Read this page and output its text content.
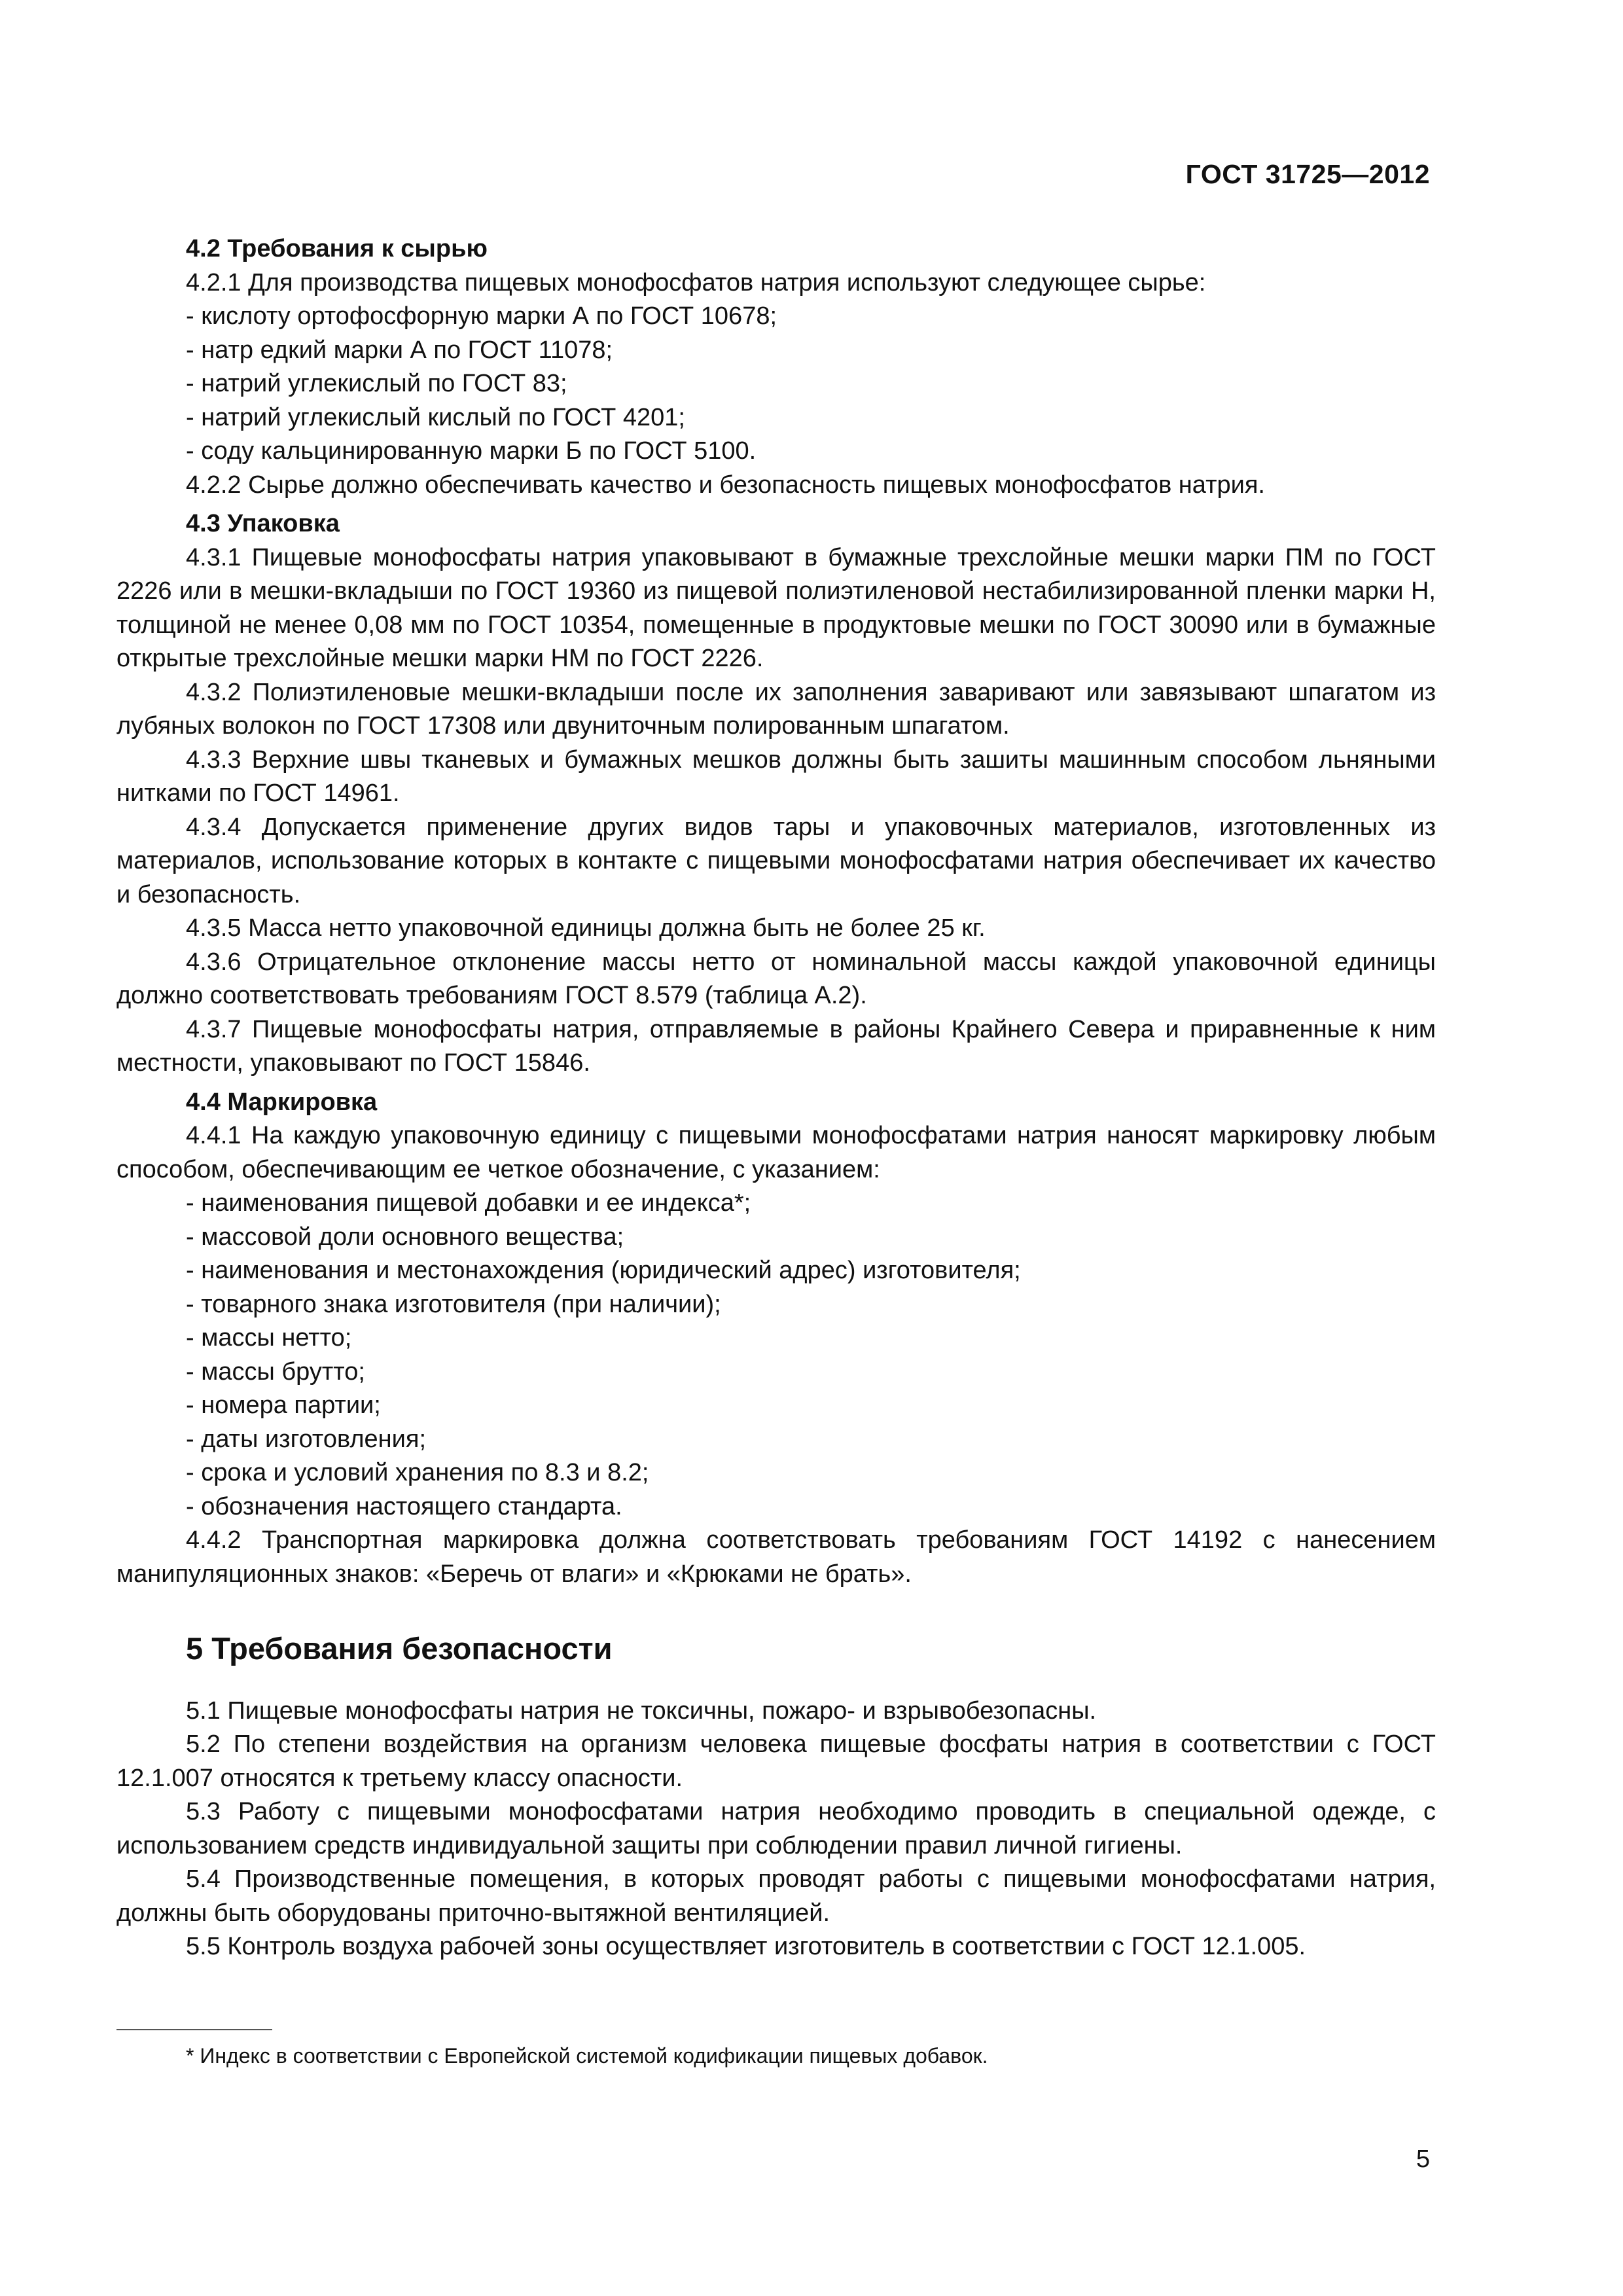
ГОСТ 31725—2012

4.2 Требования к сырью

4.2.1 Для производства пищевых монофосфатов натрия используют следующее сырье:

- кислоту ортофосфорную марки А по ГОСТ 10678;

- натр едкий марки А по ГОСТ 11078;

- натрий углекислый по ГОСТ 83;

- натрий углекислый кислый по ГОСТ 4201;

- соду кальцинированную марки Б по ГОСТ 5100.

4.2.2 Сырье должно обеспечивать качество и безопасность пищевых монофосфатов натрия.

4.3 Упаковка

4.3.1 Пищевые монофосфаты натрия упаковывают в бумажные трехслойные мешки марки ПМ по ГОСТ 2226 или в мешки-вкладыши по ГОСТ 19360 из пищевой полиэтиленовой нестабилизированной пленки марки Н, толщиной не менее 0,08 мм по ГОСТ 10354, помещенные в продуктовые мешки по ГОСТ 30090 или в бумажные открытые трехслойные мешки марки НМ по ГОСТ 2226.

4.3.2 Полиэтиленовые мешки-вкладыши после их заполнения заваривают или завязывают шпагатом из лубяных волокон по ГОСТ 17308 или двуниточным полированным шпагатом.

4.3.3 Верхние швы тканевых и бумажных мешков должны быть зашиты машинным способом льняными нитками по ГОСТ 14961.

4.3.4 Допускается применение других видов тары и упаковочных материалов, изготовленных из материалов, использование которых в контакте с пищевыми монофосфатами натрия обеспечивает их качество и безопасность.

4.3.5 Масса нетто упаковочной единицы должна быть не более 25 кг.

4.3.6 Отрицательное отклонение массы нетто от номинальной массы каждой упаковочной единицы должно соответствовать требованиям ГОСТ 8.579 (таблица А.2).

4.3.7 Пищевые монофосфаты натрия, отправляемые в районы Крайнего Севера и приравненные к ним местности, упаковывают по ГОСТ 15846.

4.4 Маркировка

4.4.1 На каждую упаковочную единицу с пищевыми монофосфатами натрия наносят маркировку любым способом, обеспечивающим ее четкое обозначение, с указанием:

- наименования пищевой добавки и ее индекса*;

- массовой доли основного вещества;

- наименования и местонахождения (юридический адрес) изготовителя;

- товарного знака изготовителя (при наличии);

- массы нетто;

- массы брутто;

- номера партии;

- даты изготовления;

- срока и условий хранения по 8.3 и 8.2;

- обозначения настоящего стандарта.

4.4.2 Транспортная маркировка должна соответствовать требованиям ГОСТ 14192 с нанесением манипуляционных знаков: «Беречь от влаги» и «Крюками не брать».

5 Требования безопасности

5.1 Пищевые монофосфаты натрия не токсичны, пожаро- и взрывобезопасны.

5.2 По степени воздействия на организм человека пищевые фосфаты натрия в соответствии с ГОСТ 12.1.007 относятся к третьему классу опасности.

5.3 Работу с пищевыми монофосфатами натрия необходимо проводить в специальной одежде, с использованием средств индивидуальной защиты при соблюдении правил личной гигиены.

5.4 Производственные помещения, в которых проводят работы с пищевыми монофосфатами натрия, должны быть оборудованы приточно-вытяжной вентиляцией.

5.5 Контроль воздуха рабочей зоны осуществляет изготовитель в соответствии с ГОСТ 12.1.005.

* Индекс в соответствии с Европейской системой кодификации пищевых добавок.
5
